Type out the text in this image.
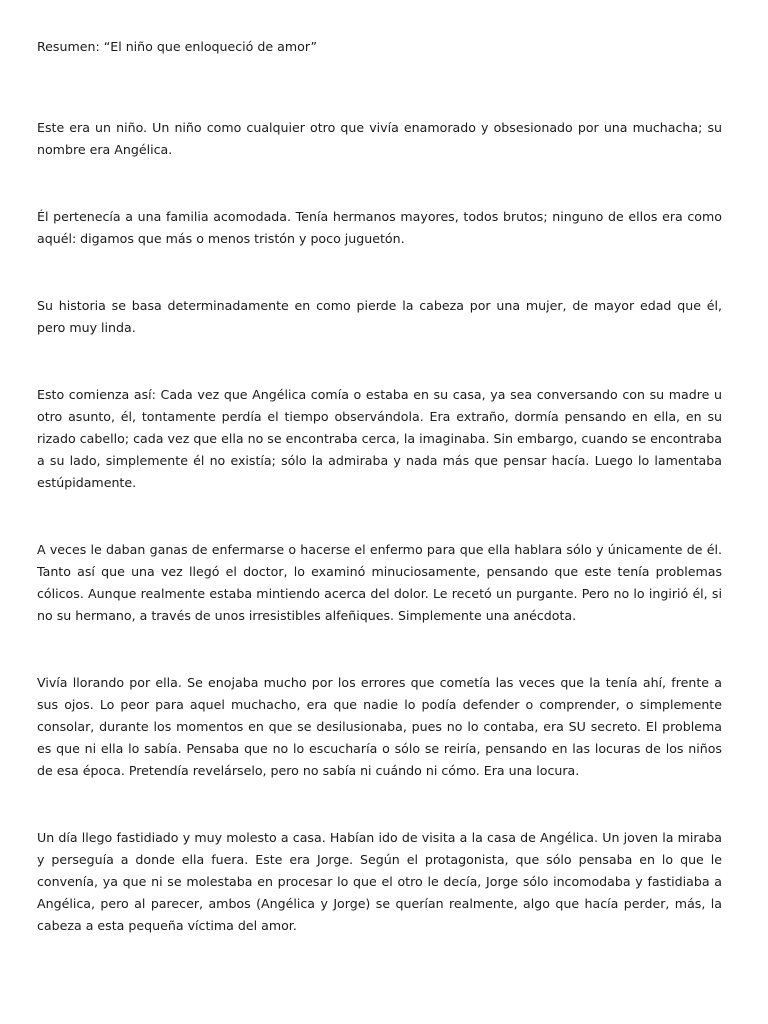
Resumen: “El niño que enloqueció de amor”

Este era un niño. Un niño como cualquier otro que vivía enamorado y obsesionado por una muchacha; su nombre era Angélica.

Él pertenecía a una familia acomodada. Tenía hermanos mayores, todos brutos; ninguno de ellos era como aquél: digamos que más o menos tristón y poco juguetón.

Su historia se basa determinadamente en como pierde la cabeza por una mujer, de mayor edad que él, pero muy linda.

Esto comienza así: Cada vez que Angélica comía o estaba en su casa, ya sea conversando con su madre u otro asunto, él, tontamente perdía el tiempo observándola. Era extraño, dormía pensando en ella, en su rizado cabello; cada vez que ella no se encontraba cerca, la imaginaba. Sin embargo, cuando se encontraba a su lado, simplemente él no existía; sólo la admiraba y nada más que pensar hacía. Luego lo lamentaba estúpidamente.

A veces le daban ganas de enfermarse o hacerse el enfermo para que ella hablara sólo y únicamente de él. Tanto así que una vez llegó el doctor, lo examinó minuciosamente, pensando que este tenía problemas cólicos. Aunque realmente estaba mintiendo acerca del dolor. Le recetó un purgante. Pero no lo ingirió él, si no su hermano, a través de unos irresistibles alfeñiques. Simplemente una anécdota.

Vivía llorando por ella. Se enojaba mucho por los errores que cometía las veces que la tenía ahí, frente a sus ojos. Lo peor para aquel muchacho, era que nadie lo podía defender o comprender, o simplemente consolar, durante los momentos en que se desilusionaba, pues no lo contaba, era SU secreto. El problema es que ni ella lo sabía. Pensaba que no lo escucharía o sólo se reiría, pensando en las locuras de los niños de esa época. Pretendía revelárselo, pero no sabía ni cuándo ni cómo. Era una locura.

Un día llego fastidiado y muy molesto a casa. Habían ido de visita a la casa de Angélica. Un joven la miraba y perseguía a donde ella fuera. Este era Jorge. Según el protagonista, que sólo pensaba en lo que le convenía, ya que ni se molestaba en procesar lo que el otro le decía, Jorge sólo incomodaba y fastidiaba a Angélica, pero al parecer, ambos (Angélica y Jorge) se querían realmente, algo que hacía perder, más, la cabeza a esta pequeña víctima del amor.
